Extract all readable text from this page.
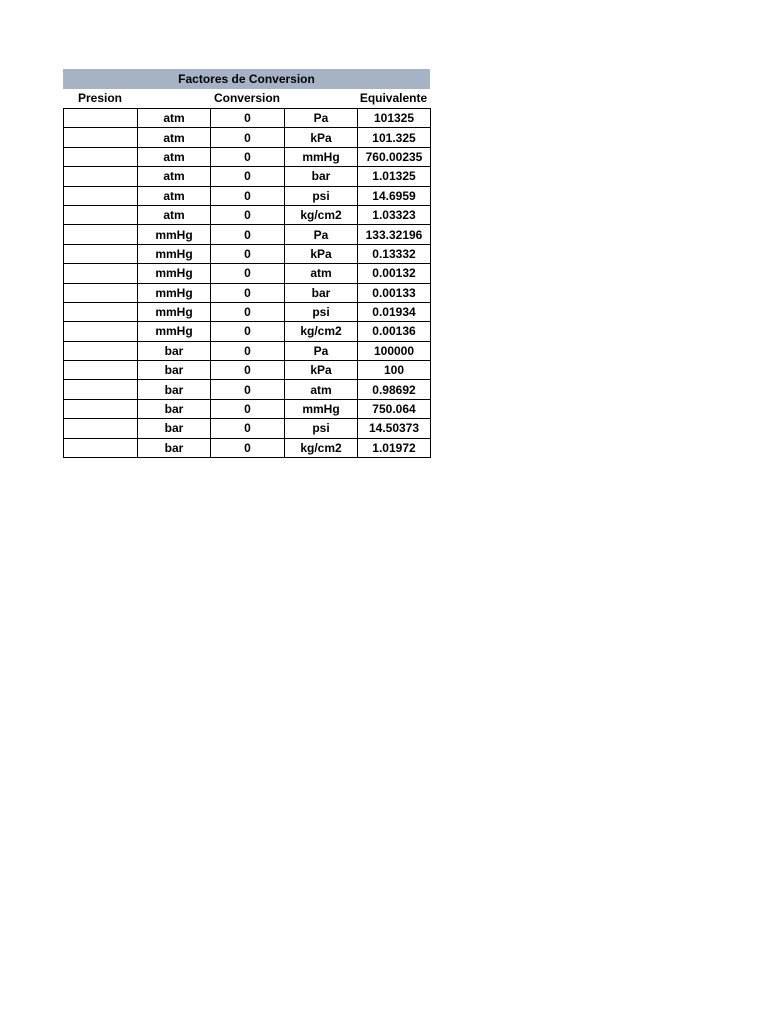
Factores de Conversion
Presion	Conversion	Equivalente
	atm	0	Pa	101325
	atm	0	kPa	101.325
	atm	0	mmHg	760.00235
	atm	0	bar	1.01325
	atm	0	psi	14.6959
	atm	0	kg/cm2	1.03323
	mmHg	0	Pa	133.32196
	mmHg	0	kPa	0.13332
	mmHg	0	atm	0.00132
	mmHg	0	bar	0.00133
	mmHg	0	psi	0.01934
	mmHg	0	kg/cm2	0.00136
	bar	0	Pa	100000
	bar	0	kPa	100
	bar	0	atm	0.98692
	bar	0	mmHg	750.064
	bar	0	psi	14.50373
	bar	0	kg/cm2	1.01972
